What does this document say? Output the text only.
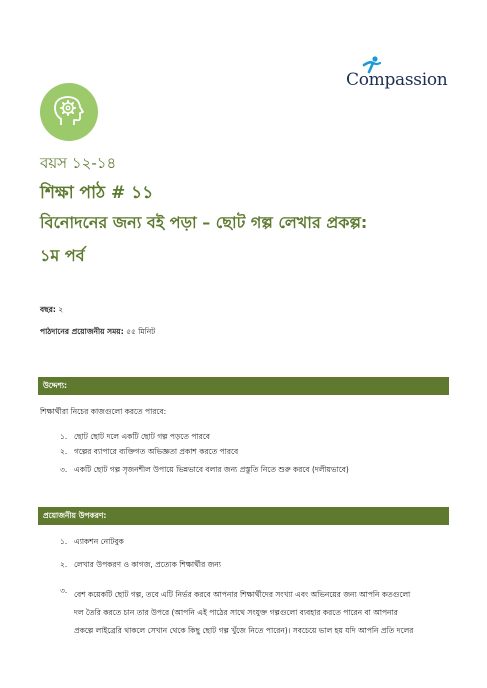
Compassion
বয়স ১২-১৪
শিক্ষা পাঠ # ১১
বিনোদনের জন্য বই পড়া – ছোট গল্প লেখার প্রকল্প:
১ম পর্ব
বছর: ২
পাঠদানের প্রয়োজনীয় সময়: ৫৫ মিনিট
উদ্দেশ্য:
শিক্ষার্থীরা নিচের কাজগুলো করতে পারবে:
১. ছোট ছোট দলে একটি ছোট গল্প পড়তে পারবে
২. গল্পের ব্যাপারে ব্যক্তিগত অভিজ্ঞতা প্রকাশ করতে পারবে
৩. একটি ছোট গল্প সৃজনশীল উপায়ে ভিন্নভাবে বলার জন্য প্রস্তুতি নিতে শুরু করবে (দলীয়ভাবে)
প্রয়োজনীয় উপকরণ:
১. এ্যাকশন নোটবুক
২. লেখার উপকরণ ও কাগজ, প্রত্যেক শিক্ষার্থীর জন্য
৩. বেশ কয়েকটি ছোট গল্প, তবে এটি নির্ভর করবে আপনার শিক্ষার্থীদের সংখ্যা এবং অভিনয়ের জন্য আপনি কতগুলো
দল তৈরি করতে চান তার উপরে (আপনি এই পাঠের সাথে সংযুক্ত গল্পগুলো ব্যবহার করতে পারেন বা আপনার
প্রকল্পে লাইব্রেরি থাকলে সেখান থেকে কিছু ছোট গল্প খুঁজে নিতে পারেন)। সবচেয়ে ভাল হয় যদি আপনি প্রতি দলের
